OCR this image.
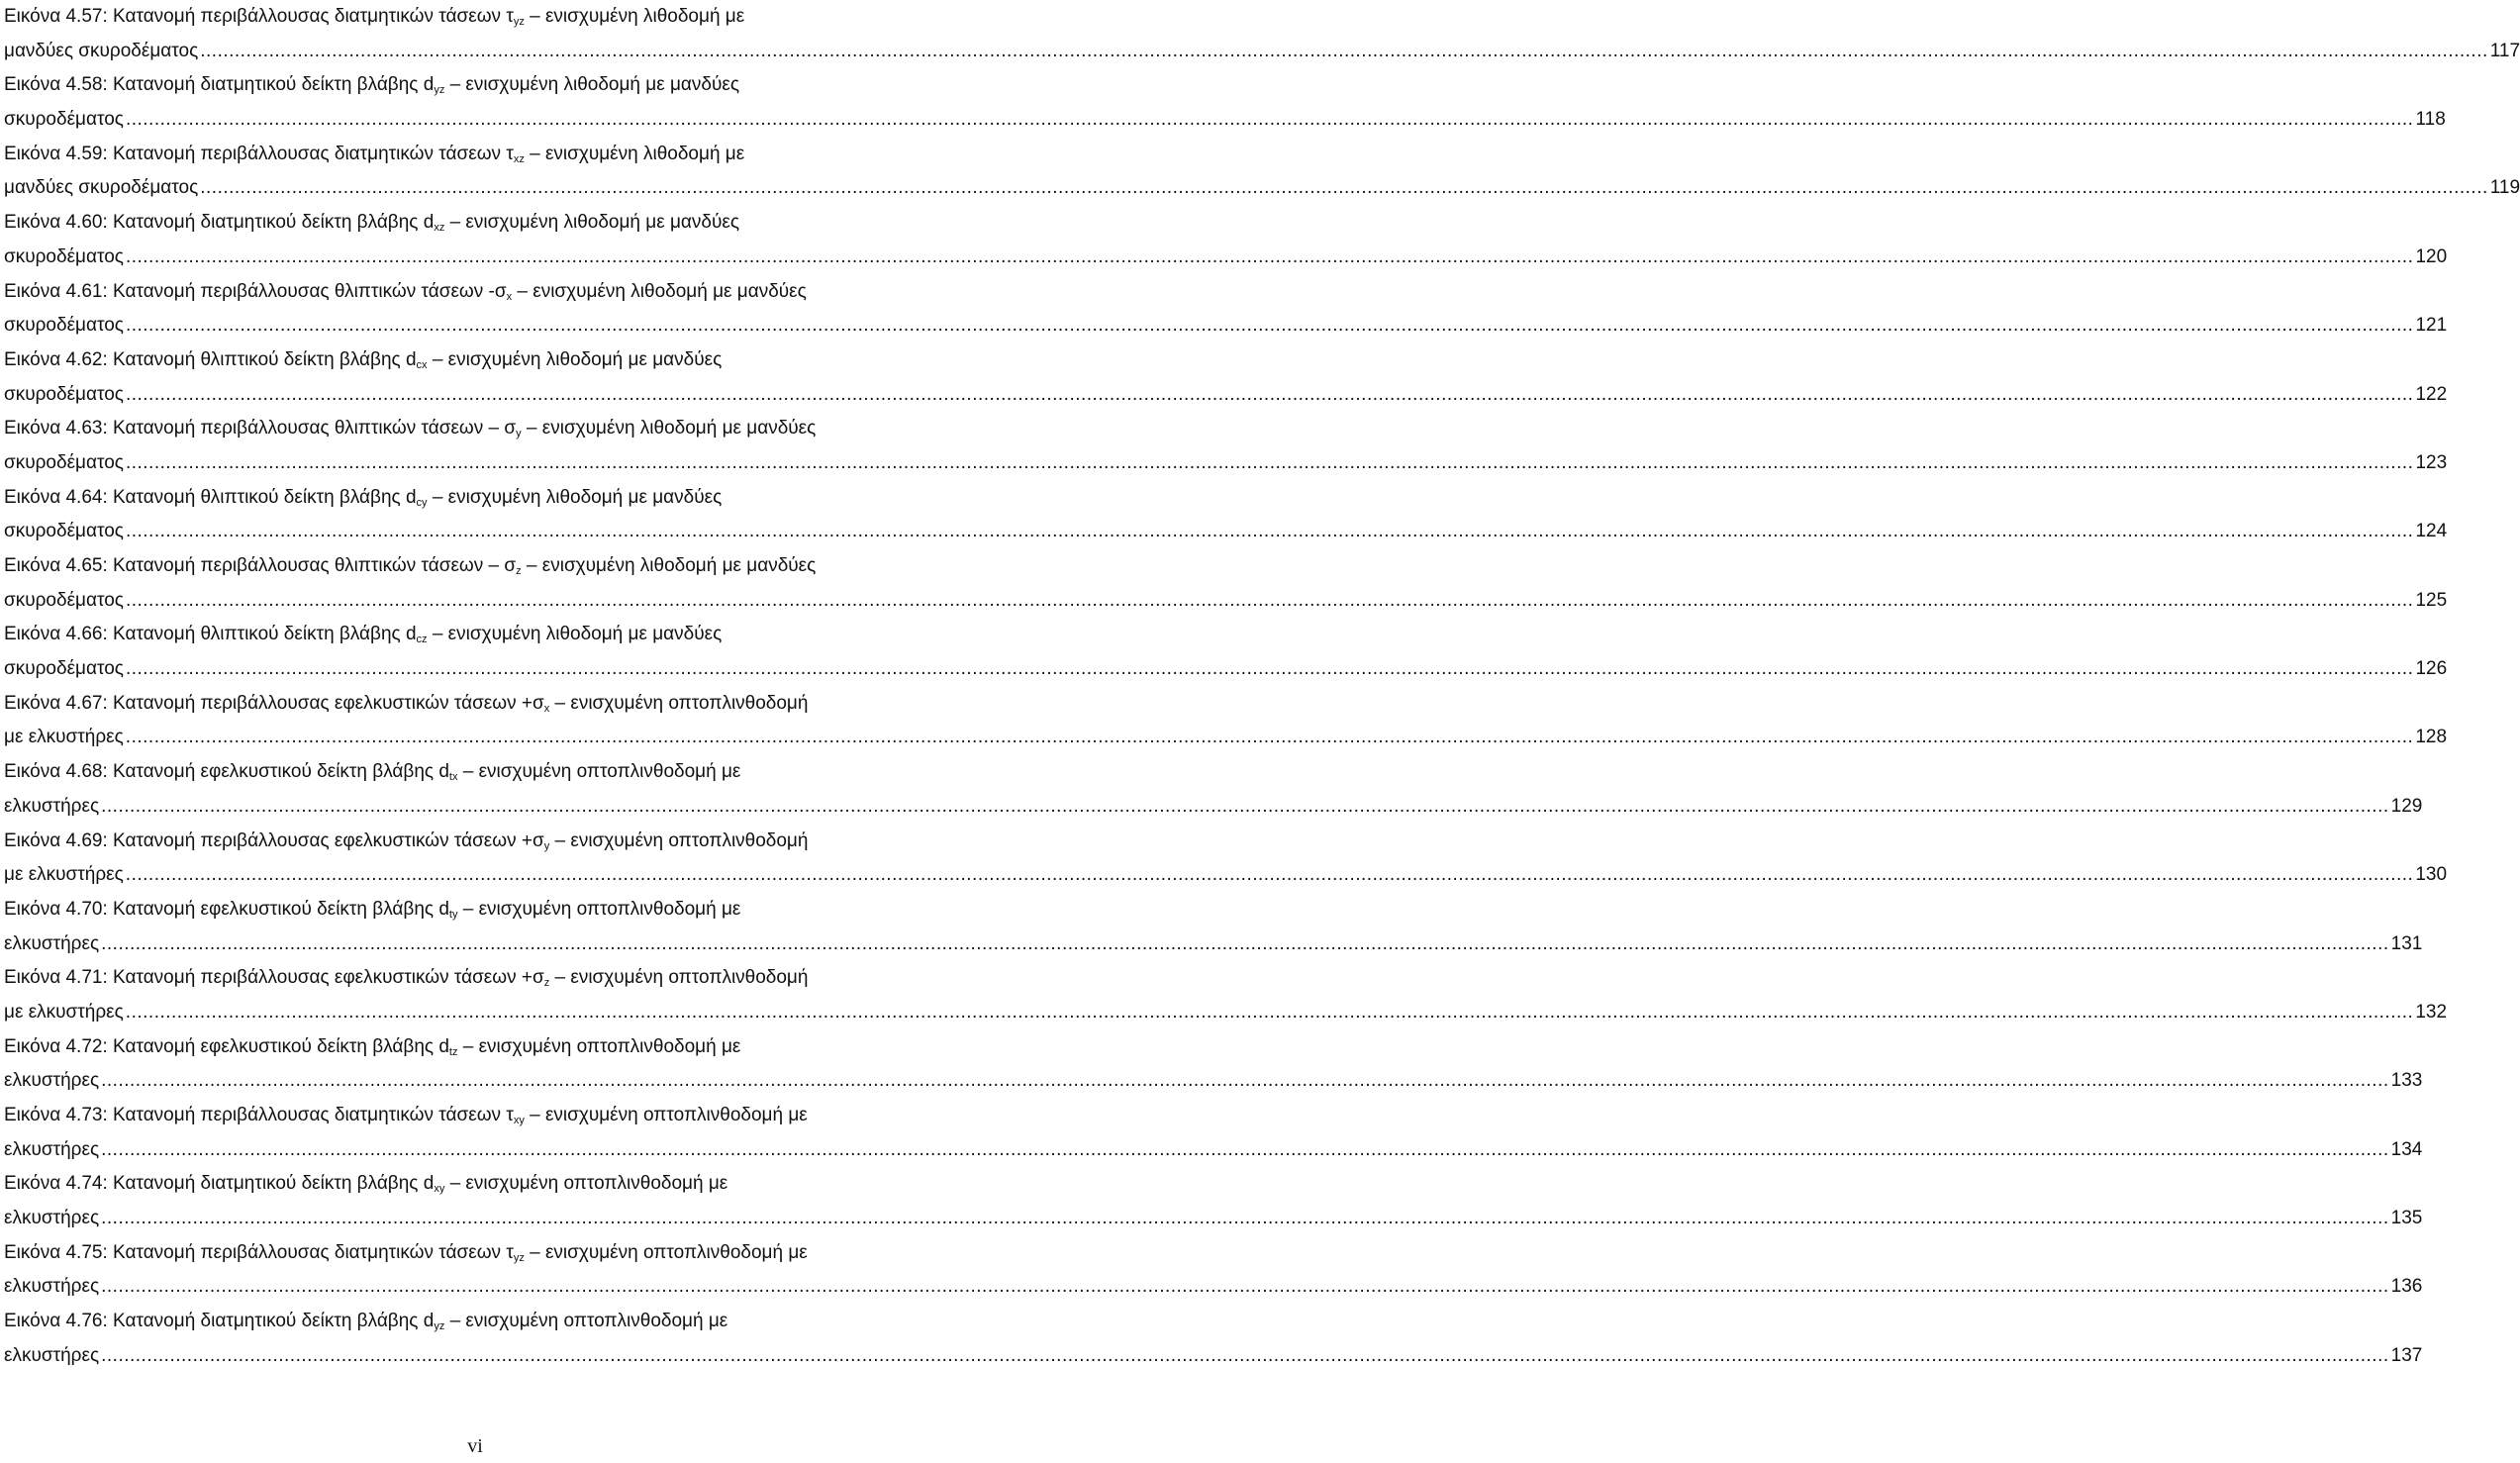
Εικόνα 4.57: Κατανομή περιβάλλουσας διατμητικών τάσεων $\tau_{yz}$ – ενισχυμένη λιθοδομή με
μανδύες σκυροδέματος ................................................................................................................................................................................................................................................................................................................................................................................................................ 117
Εικόνα 4.58: Κατανομή διατμητικού δείκτη βλάβης $d_{yz}$ – ενισχυμένη λιθοδομή με μανδύες
σκυροδέματος ................................................................................................................................................................................................................................................................................................................................................................................................................ 118
Εικόνα 4.59: Κατανομή περιβάλλουσας διατμητικών τάσεων $\tau_{xz}$ – ενισχυμένη λιθοδομή με
μανδύες σκυροδέματος ................................................................................................................................................................................................................................................................................................................................................................................................................ 119
Εικόνα 4.60: Κατανομή διατμητικού δείκτη βλάβης $d_{xz}$ – ενισχυμένη λιθοδομή με μανδύες
σκυροδέματος ................................................................................................................................................................................................................................................................................................................................................................................................................ 120
Εικόνα 4.61: Κατανομή περιβάλλουσας θλιπτικών τάσεων $-\sigma_x$ – ενισχυμένη λιθοδομή με μανδύες
σκυροδέματος ................................................................................................................................................................................................................................................................................................................................................................................................................ 121
Εικόνα 4.62: Κατανομή θλιπτικού δείκτη βλάβης $d_{cx}$ – ενισχυμένη λιθοδομή με μανδύες
σκυροδέματος ................................................................................................................................................................................................................................................................................................................................................................................................................ 122
Εικόνα 4.63: Κατανομή περιβάλλουσας θλιπτικών τάσεων – $\sigma_y$ – ενισχυμένη λιθοδομή με μανδύες
σκυροδέματος ................................................................................................................................................................................................................................................................................................................................................................................................................ 123
Εικόνα 4.64: Κατανομή θλιπτικού δείκτη βλάβης $d_{cy}$ – ενισχυμένη λιθοδομή με μανδύες
σκυροδέματος ................................................................................................................................................................................................................................................................................................................................................................................................................ 124
Εικόνα 4.65: Κατανομή περιβάλλουσας θλιπτικών τάσεων – $\sigma_z$ – ενισχυμένη λιθοδομή με μανδύες
σκυροδέματος ................................................................................................................................................................................................................................................................................................................................................................................................................ 125
Εικόνα 4.66: Κατανομή θλιπτικού δείκτη βλάβης $d_{cz}$ – ενισχυμένη λιθοδομή με μανδύες
σκυροδέματος ................................................................................................................................................................................................................................................................................................................................................................................................................ 126
Εικόνα 4.67: Κατανομή περιβάλλουσας εφελκυστικών $\tau ά\sigma\varepsilon\omega\nu +\sigma_x - \varepsilon\nu\iota\sigma\chi\upsilon\mu έ\nu\eta$ οπτοπλινθοδομή
με ελκυστήρες ................................................................................................................................................................................................................................................................................................................................................................................................................ 128
Εικόνα 4.68: Κατανομή εφελκυστικού δείκτη βλάβης $d_{tx}$ – ενισχυμένη οπτοπλινθοδομή με
ελκυστήρες ................................................................................................................................................................................................................................................................................................................................................................................................................ 129
Εικόνα 4.69: Κατανομή περιβάλλουσας εφελκυστικών $\tau ά\sigma\varepsilon\omega\nu +\sigma_y - \varepsilon\nu\iota\sigma\chi\upsilon\mu έ\nu\eta$ οπτοπλινθοδομή
με ελκυστήρες ................................................................................................................................................................................................................................................................................................................................................................................................................ 130
Εικόνα 4.70: Κατανομή εφελκυστικού δείκτη βλάβης $d_{ty}$ – ενισχυμένη οπτοπλινθοδομή με
ελκυστήρες ................................................................................................................................................................................................................................................................................................................................................................................................................ 131
Εικόνα 4.71: Κατανομή περιβάλλουσας εφελκυστικών $\tau ά\sigma\varepsilon\omega\nu +\sigma_z - \varepsilon\nu\iota\sigma\chi\upsilon\mu έ\nu\eta$ οπτοπλινθοδομή
με ελκυστήρες ................................................................................................................................................................................................................................................................................................................................................................................................................ 132
Εικόνα 4.72: Κατανομή εφελκυστικού δείκτη βλάβης $d_{tz}$ – ενισχυμένη οπτοπλινθοδομή με
ελκυστήρες ................................................................................................................................................................................................................................................................................................................................................................................................................ 133
Εικόνα 4.73: Κατανομή περιβάλλουσας διατμητικών τάσεων $\tau_{xy}$ – ενισχυμένη οπτοπλινθοδομή με
ελκυστήρες ................................................................................................................................................................................................................................................................................................................................................................................................................ 134
Εικόνα 4.74: Κατανομή διατμητικού δείκτη βλάβης $d_{xy}$ – ενισχυμένη οπτοπλινθοδομή με
ελκυστήρες ................................................................................................................................................................................................................................................................................................................................................................................................................ 135
Εικόνα 4.75: Κατανομή περιβάλλουσας διατμητικών τάσεων $\tau_{yz}$ – ενισχυμένη οπτοπλινθοδομή με
ελκυστήρες ................................................................................................................................................................................................................................................................................................................................................................................................................ 136
Εικόνα 4.76: Κατανομή διατμητικού δείκτη βλάβης $d_{yz}$ – ενισχυμένη οπτοπλινθοδομή με
ελκυστήρες ................................................................................................................................................................................................................................................................................................................................................................................................................ 137
vi
